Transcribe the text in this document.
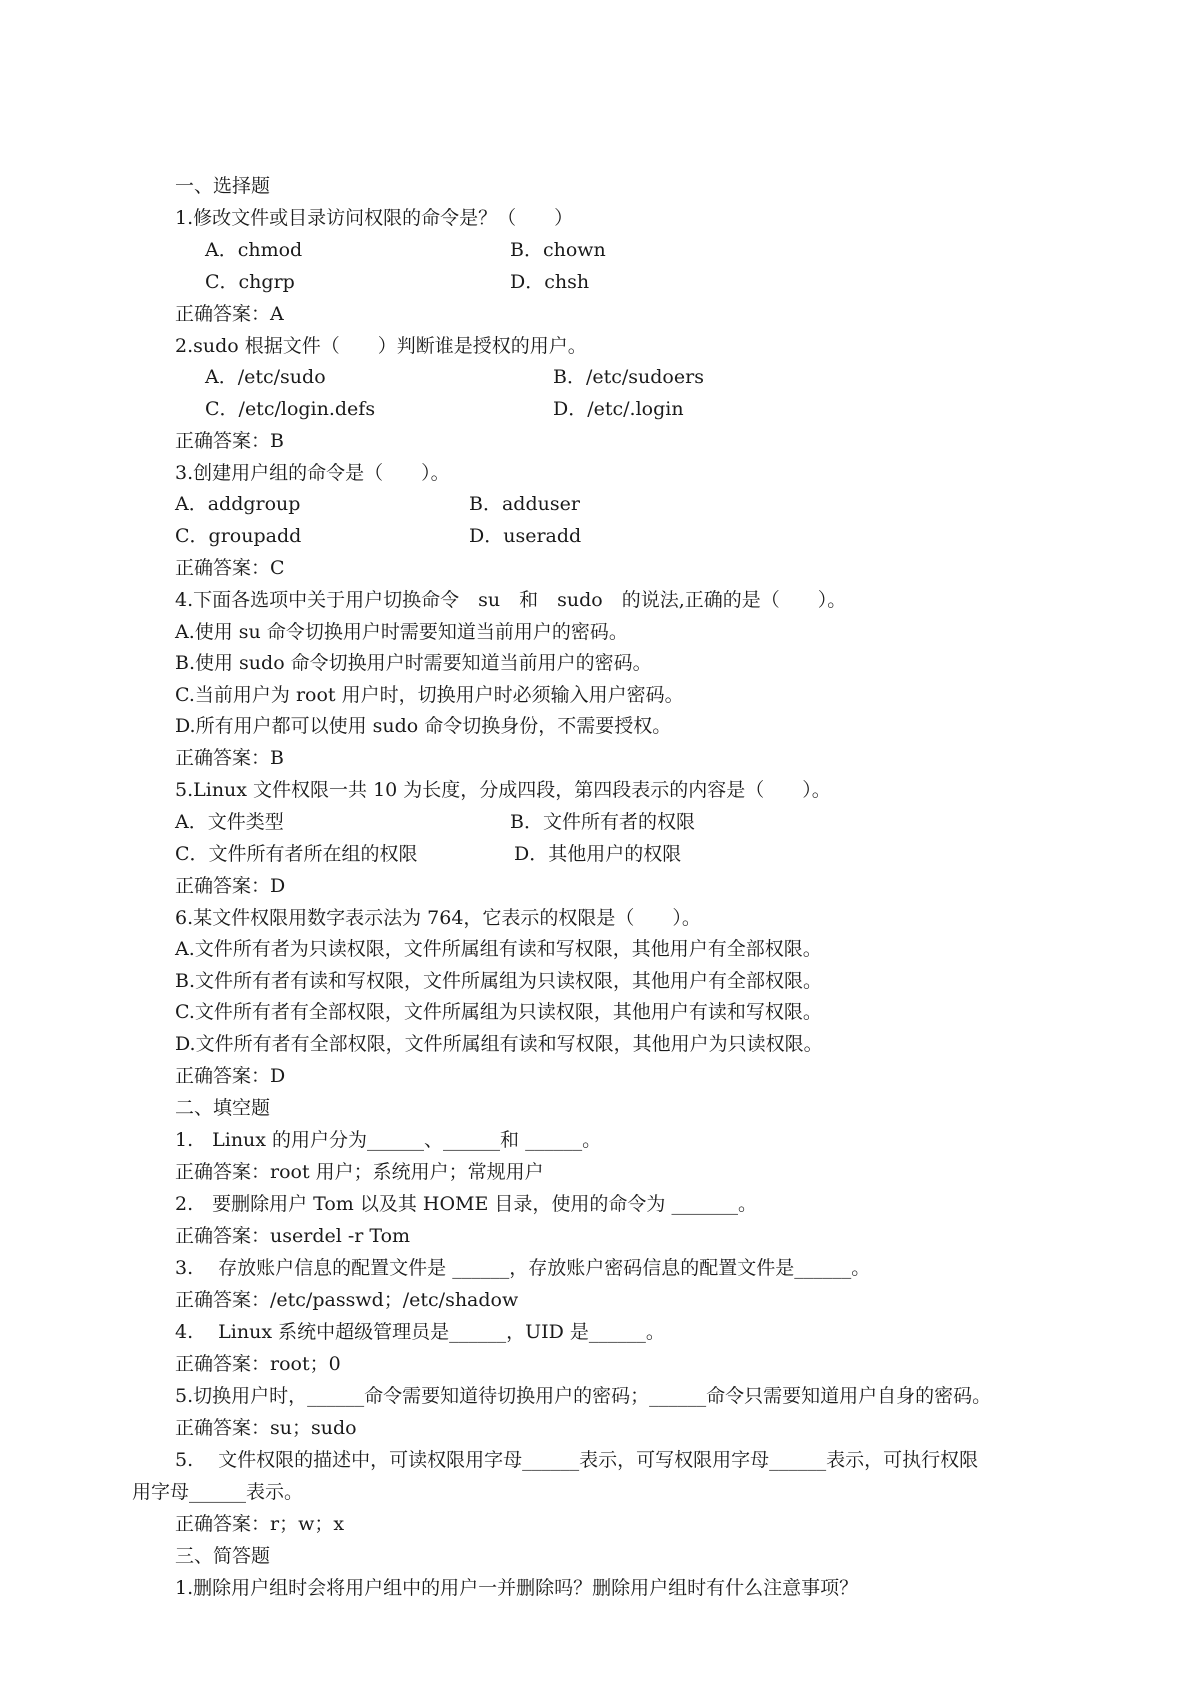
一、选择题
1.修改文件或目录访问权限的命令是？（　　）
A．chmod	B．chown
C．chgrp	D．chsh
正确答案：A
2.sudo 根据文件（　　）判断谁是授权的用户。
A．/etc/sudo	B．/etc/sudoers
C．/etc/login.defs	D．/etc/.login
正确答案：B
3.创建用户组的命令是（　　）。
A．addgroup	B．adduser
C．groupadd	D．useradd
正确答案：C
4.下面各选项中关于用户切换命令　su　和　sudo　的说法,正确的是（　　）。
A.使用 su 命令切换用户时需要知道当前用户的密码。
B.使用 sudo 命令切换用户时需要知道当前用户的密码。
C.当前用户为 root 用户时，切换用户时必须输入用户密码。
D.所有用户都可以使用 sudo 命令切换身份，不需要授权。
正确答案：B
5.Linux 文件权限一共 10 为长度，分成四段，第四段表示的内容是（　　）。
A．文件类型	B．文件所有者的权限
C．文件所有者所在组的权限	D．其他用户的权限
正确答案：D
6.某文件权限用数字表示法为 764，它表示的权限是（　　）。
A.文件所有者为只读权限，文件所属组有读和写权限，其他用户有全部权限。
B.文件所有者有读和写权限，文件所属组为只读权限，其他用户有全部权限。
C.文件所有者有全部权限，文件所属组为只读权限，其他用户有读和写权限。
D.文件所有者有全部权限，文件所属组有读和写权限，其他用户为只读权限。
正确答案：D
二、填空题
1.　Linux 的用户分为______、______和 ______。
正确答案：root 用户；系统用户；常规用户
2.　要删除用户 Tom 以及其 HOME 目录，使用的命令为 _______。
正确答案：userdel -r Tom
3.　 存放账户信息的配置文件是 ______，存放账户密码信息的配置文件是______。
正确答案：/etc/passwd；/etc/shadow
4.　 Linux 系统中超级管理员是______，UID 是______。
正确答案：root；0
5.切换用户时，______命令需要知道待切换用户的密码；______命令只需要知道用户自身的密码。
正确答案：su；sudo
5.　 文件权限的描述中，可读权限用字母______表示，可写权限用字母______表示，可执行权限
用字母______表示。
正确答案：r；w；x
三、简答题
1.删除用户组时会将用户组中的用户一并删除吗？删除用户组时有什么注意事项？
